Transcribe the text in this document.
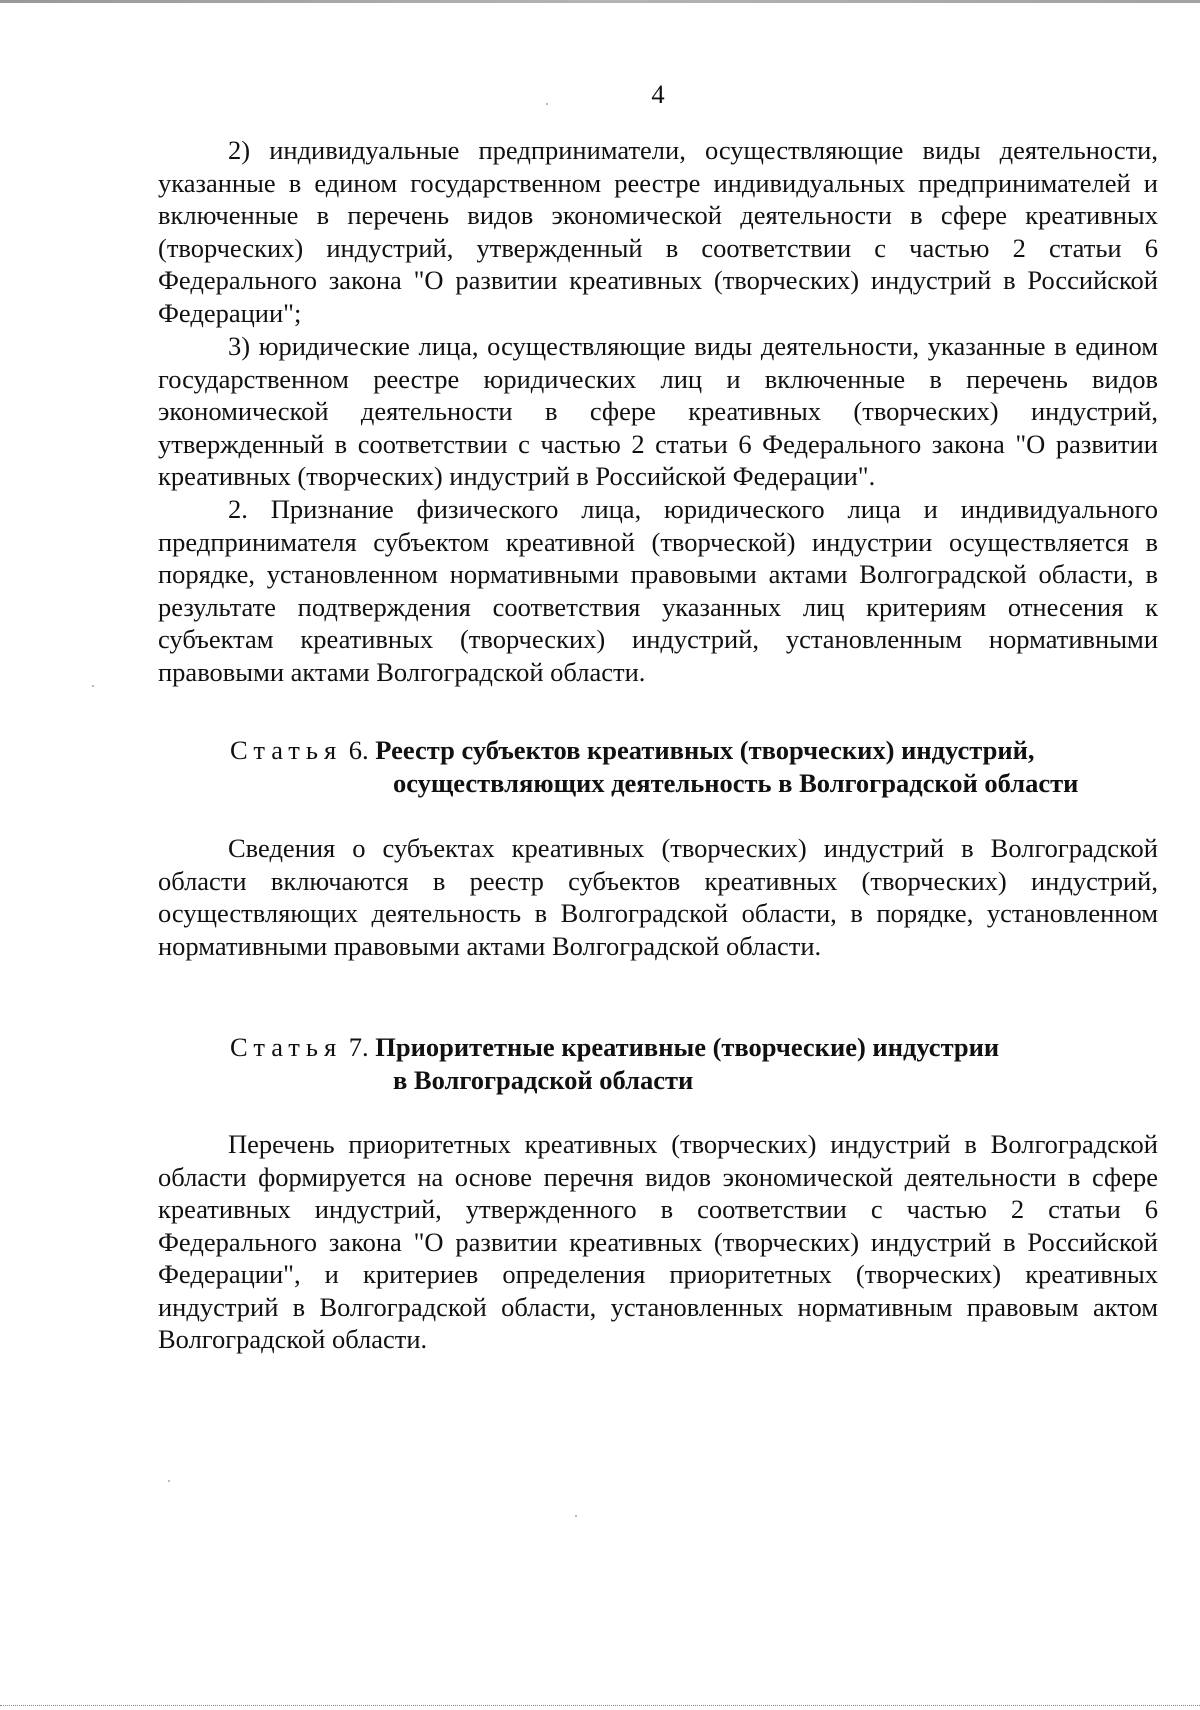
4

2) индивидуальные предприниматели, осуществляющие виды деятельности, указанные в едином государственном реестре индивидуальных предпринимателей и включенные в перечень видов экономической деятельности в сфере креативных (творческих) индустрий, утвержденный в соответствии с частью 2 статьи 6 Федерального закона "О развитии креативных (творческих) индустрий в Российской Федерации";

3) юридические лица, осуществляющие виды деятельности, указанные в едином государственном реестре юридических лиц и включенные в перечень видов экономической деятельности в сфере креативных (творческих) индустрий, утвержденный в соответствии с частью 2 статьи 6 Федерального закона "О развитии креативных (творческих) индустрий в Российской Федерации".

2. Признание физического лица, юридического лица и индивидуального предпринимателя субъектом креативной (творческой) индустрии осуществляется в порядке, установленном нормативными правовыми актами Волгоградской области, в результате подтверждения соответствия указанных лиц критериям отнесения к субъектам креативных (творческих) индустрий, установленным нормативными правовыми актами Волгоградской области.

Статья 6. Реестр субъектов креативных (творческих) индустрий,
осуществляющих деятельность в Волгоградской области

Сведения о субъектах креативных (творческих) индустрий в Волгоградской области включаются в реестр субъектов креативных (творческих) индустрий, осуществляющих деятельность в Волгоградской области, в порядке, установленном нормативными правовыми актами Волгоградской области.

Статья 7. Приоритетные креативные (творческие) индустрии
в Волгоградской области

Перечень приоритетных креативных (творческих) индустрий в Волгоградской области формируется на основе перечня видов экономической деятельности в сфере креативных индустрий, утвержденного в соответствии с частью 2 статьи 6 Федерального закона "О развитии креативных (творческих) индустрий в Российской Федерации", и критериев определения приоритетных (творческих) креативных индустрий в Волгоградской области, установленных нормативным правовым актом Волгоградской области.
